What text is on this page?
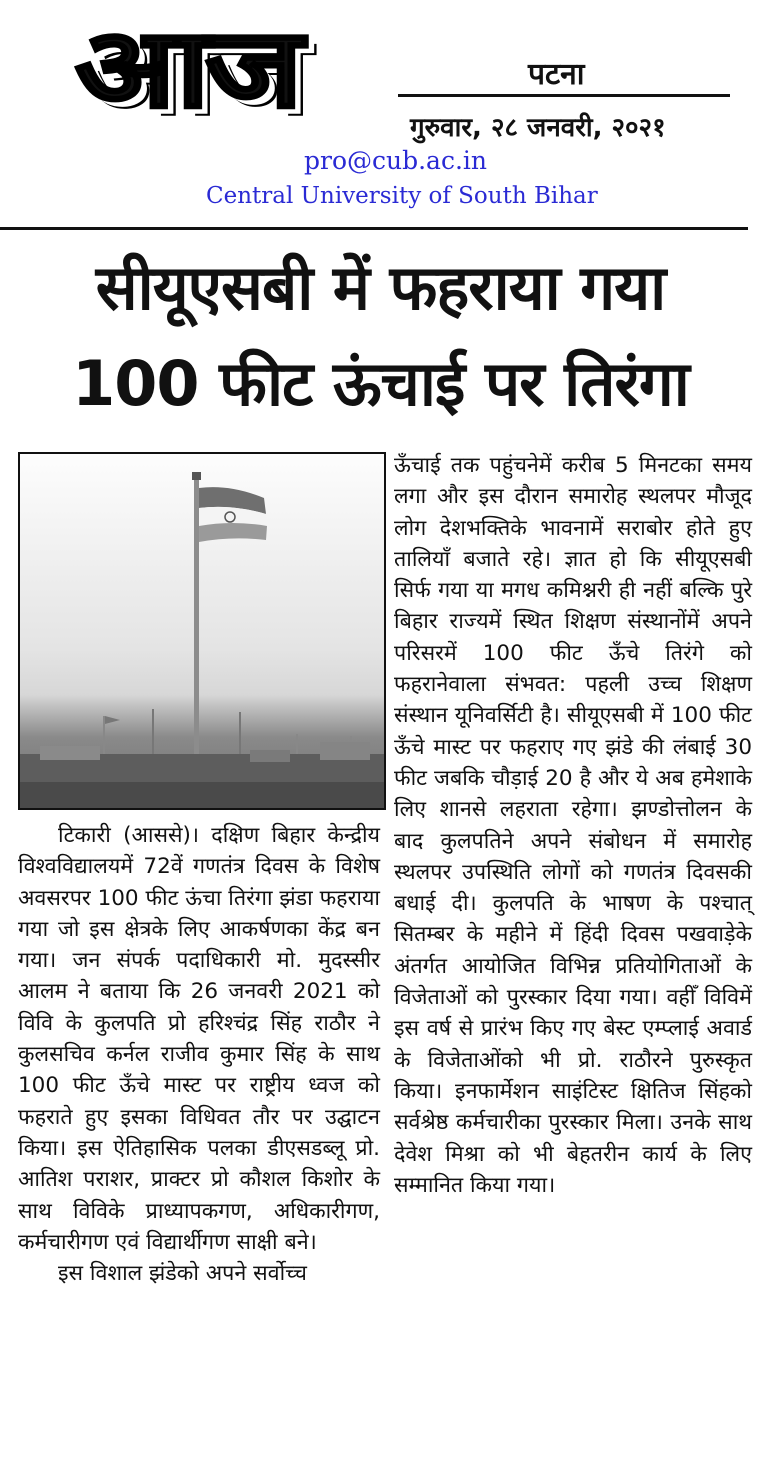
आज	पटना
गुरुवार, २८ जनवरी, २०२१
pro@cub.ac.in
Central University of South Bihar
सीयूएसबी में फहराया गया
100 फीट ऊंचाई पर तिरंगा

टिकारी (आससे)। दक्षिण बिहार केन्द्रीय विश्वविद्यालयमें 72वें गणतंत्र दिवस के विशेष अवसरपर 100 फीट ऊंचा तिरंगा झंडा फहराया गया जो इस क्षेत्रके लिए आकर्षणका केंद्र बन गया। जन संपर्क पदाधिकारी मो. मुदस्सीर आलम ने बताया कि 26 जनवरी 2021 को विवि के कुलपति प्रो हरिश्चंद्र सिंह राठौर ने कुलसचिव कर्नल राजीव कुमार सिंह के साथ 100 फीट ऊँचे मास्ट पर राष्ट्रीय ध्वज को फहराते हुए इसका विधिवत तौर पर उद्घाटन किया। इस ऐतिहासिक पलका डीएसडब्लू प्रो. आतिश पराशर, प्राक्टर प्रो कौशल किशोर के साथ विविके प्राध्यापकगण, अधिकारीगण, कर्मचारीगण एवं विद्यार्थीगण साक्षी बने।

इस विशाल झंडेको अपने सर्वोच्च

ऊँचाई तक पहुंचनेमें करीब 5 मिनटका समय लगा और इस दौरान समारोह स्थलपर मौजूद लोग देशभक्तिके भावनामें सराबोर होते हुए तालियाँ बजाते रहे। ज्ञात हो कि सीयूएसबी सिर्फ गया या मगध कमिश्नरी ही नहीं बल्कि पुरे बिहार राज्यमें स्थित शिक्षण संस्थानोंमें अपने परिसरमें 100 फीट ऊँचे तिरंगे को फहरानेवाला संभवत: पहली उच्च शिक्षण संस्थान यूनिवर्सिटी है। सीयूएसबी में 100 फीट ऊँचे मास्ट पर फहराए गए झंडे की लंबाई 30 फीट जबकि चौड़ाई 20 है और ये अब हमेशाके लिए शानसे लहराता रहेगा। झण्डोत्तोलन के बाद कुलपतिने अपने संबोधन में समारोह स्थलपर उपस्थिति लोगों को गणतंत्र दिवसकी बधाई दी। कुलपति के भाषण के पश्चात् सितम्बर के महीने में हिंदी दिवस पखवाड़ेके अंतर्गत आयोजित विभिन्न प्रतियोगिताओं के विजेताओं को पुरस्कार दिया गया। वहीँ विविमें इस वर्ष से प्रारंभ किए गए बेस्ट एम्प्लाई अवार्ड के विजेताओंको भी प्रो. राठौरने पुरुस्कृत किया। इनफार्मेशन साइंटिस्ट क्षितिज सिंहको सर्वश्रेष्ठ कर्मचारीका पुरस्कार मिला। उनके साथ देवेश मिश्रा को भी बेहतरीन कार्य के लिए सम्मानित किया गया।
